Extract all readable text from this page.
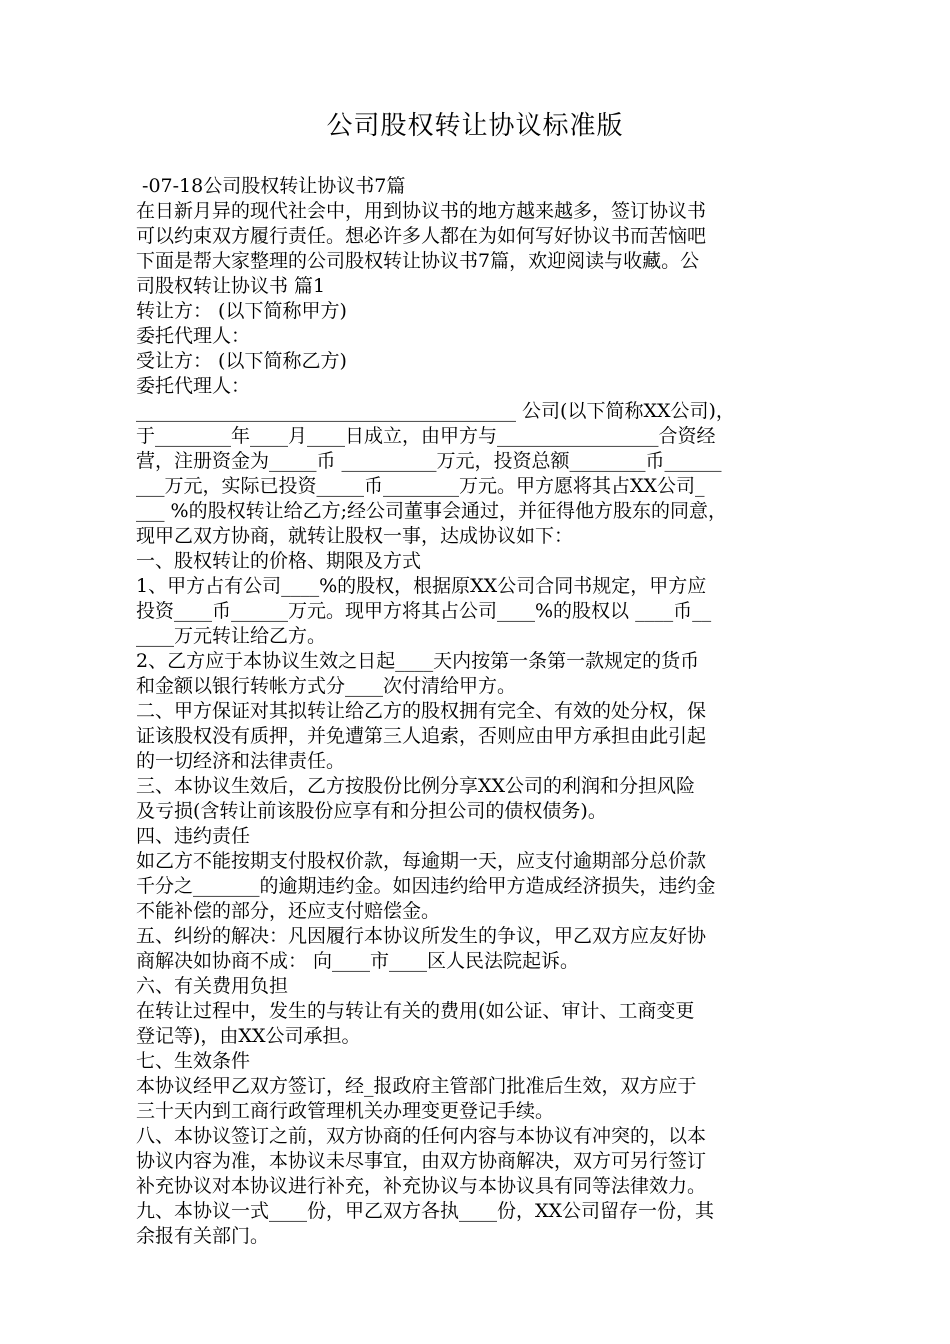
公司股权转让协议标准版
-07-18公司股权转让协议书7篇
在日新月异的现代社会中，用到协议书的地方越来越多，签订协议书
可以约束双方履行责任。想必许多人都在为如何写好协议书而苦恼吧
下面是帮大家整理的公司股权转让协议书7篇，欢迎阅读与收藏。公
司股权转让协议书 篇1
转让方： (以下简称甲方)
委托代理人：
受让方： (以下简称乙方)
委托代理人：
________________________________________ 公司(以下简称XX公司)，
于________年____月____日成立，由甲方与_________________合资经
营，注册资金为_____币 __________万元，投资总额________币______
___万元，实际已投资_____币________万元。甲方愿将其占XX公司_
___ %的股权转让给乙方;经公司董事会通过，并征得他方股东的同意，
现甲乙双方协商，就转让股权一事，达成协议如下：
一、股权转让的价格、期限及方式
1、甲方占有公司____%的股权，根据原XX公司合同书规定，甲方应
投资____币______万元。现甲方将其占公司____%的股权以 ____币__
____万元转让给乙方。
2、乙方应于本协议生效之日起____天内按第一条第一款规定的货币
和金额以银行转帐方式分____次付清给甲方。
二、甲方保证对其拟转让给乙方的股权拥有完全、有效的处分权，保
证该股权没有质押，并免遭第三人追索，否则应由甲方承担由此引起
的一切经济和法律责任。
三、本协议生效后，乙方按股份比例分享XX公司的利润和分担风险
及亏损(含转让前该股份应享有和分担公司的债权债务)。
四、违约责任
如乙方不能按期支付股权价款，每逾期一天，应支付逾期部分总价款
千分之_______的逾期违约金。如因违约给甲方造成经济损失，违约金
不能补偿的部分，还应支付赔偿金。
五、纠纷的解决：凡因履行本协议所发生的争议，甲乙双方应友好协
商解决如协商不成： 向____市____区人民法院起诉。
六、有关费用负担
在转让过程中，发生的与转让有关的费用(如公证、审计、工商变更
登记等)，由XX公司承担。
七、生效条件
本协议经甲乙双方签订，经_报政府主管部门批准后生效，双方应于
三十天内到工商行政管理机关办理变更登记手续。
八、本协议签订之前，双方协商的任何内容与本协议有冲突的，以本
协议内容为准，本协议未尽事宜，由双方协商解决，双方可另行签订
补充协议对本协议进行补充，补充协议与本协议具有同等法律效力。
九、本协议一式____份，甲乙双方各执____份，XX公司留存一份，其
余报有关部门。
